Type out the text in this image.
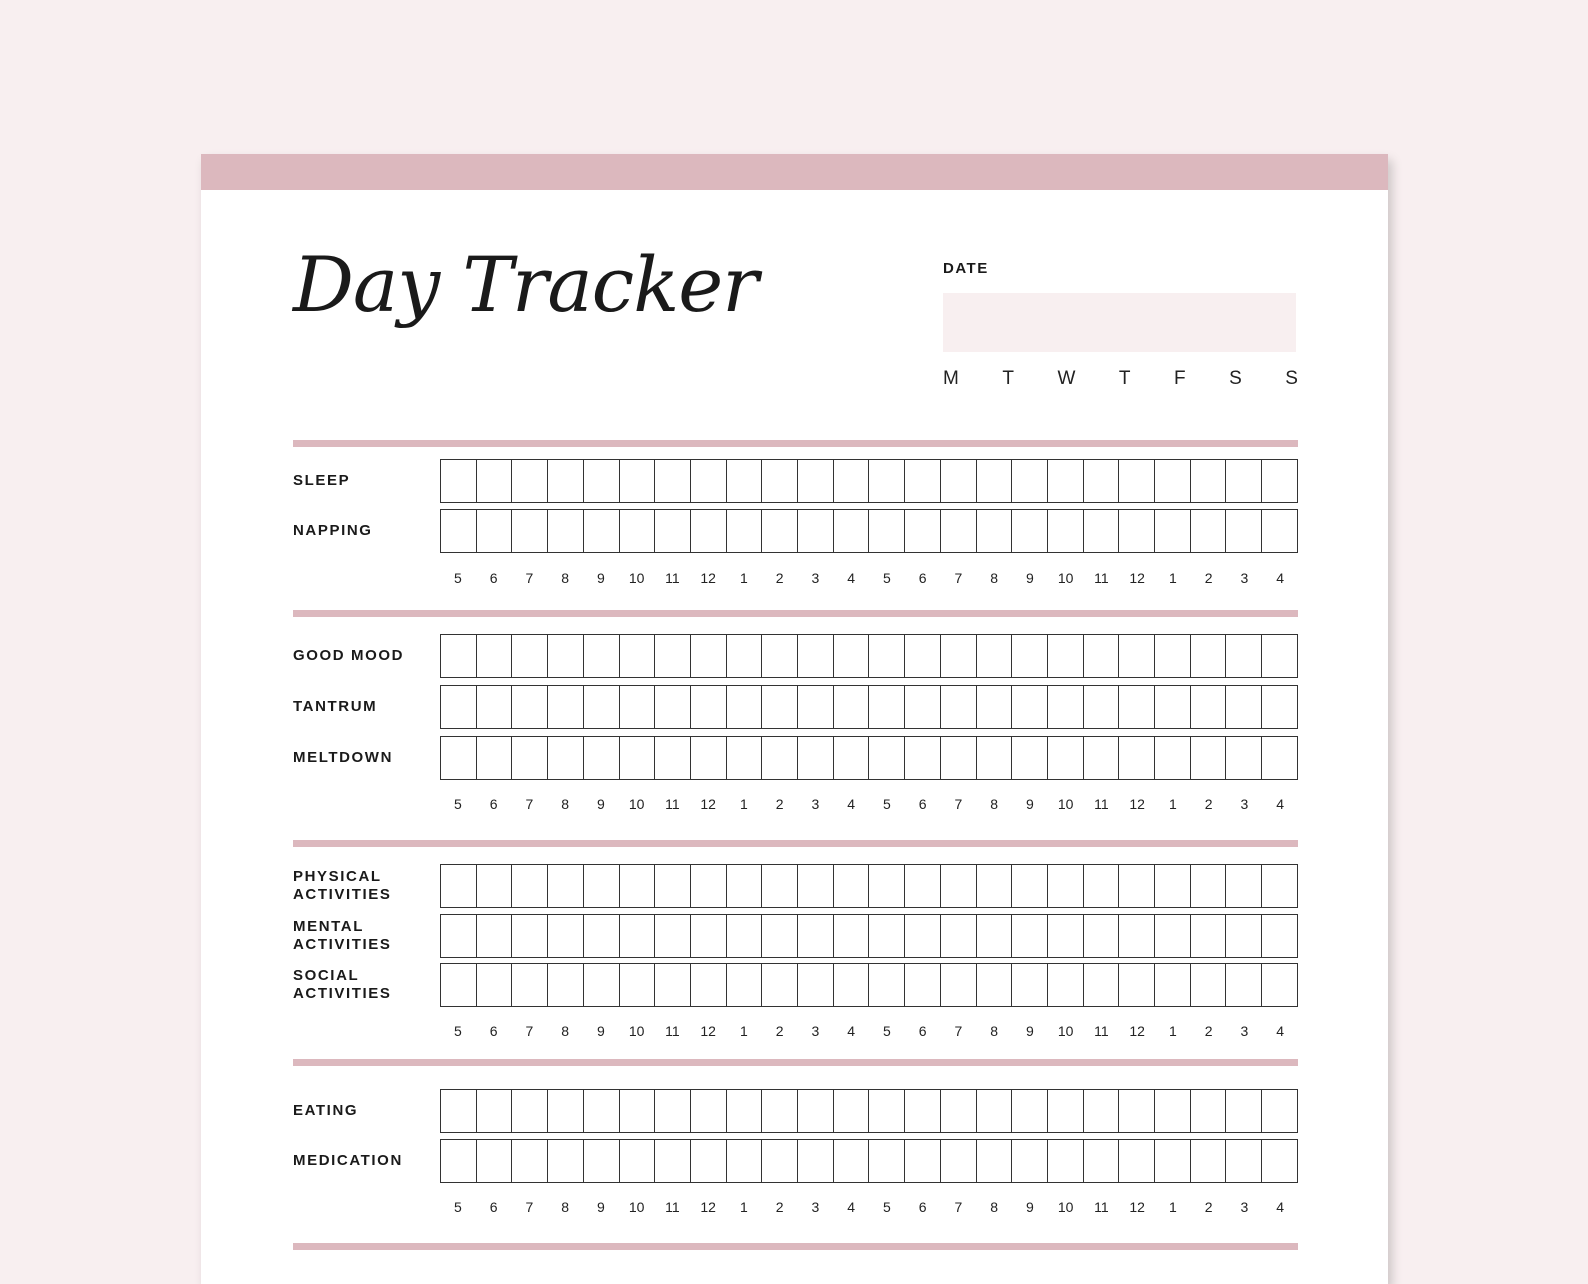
Day Tracker	DATE
M T W T F S S
SLEEP
NAPPING
5	6	7	8	9	10	11	12	1	2	3	4	5	6	7	8	9	10	11	12	1	2	3	4
GOOD MOOD
TANTRUM
MELTDOWN
5	6	7	8	9	10	11	12	1	2	3	4	5	6	7	8	9	10	11	12	1	2	3	4
PHYSICAL
ACTIVITIES
MENTAL
ACTIVITIES
SOCIAL
ACTIVITIES
5	6	7	8	9	10	11	12	1	2	3	4	5	6	7	8	9	10	11	12	1	2	3	4
EATING
MEDICATION
5	6	7	8	9	10	11	12	1	2	3	4	5	6	7	8	9	10	11	12	1	2	3	4
